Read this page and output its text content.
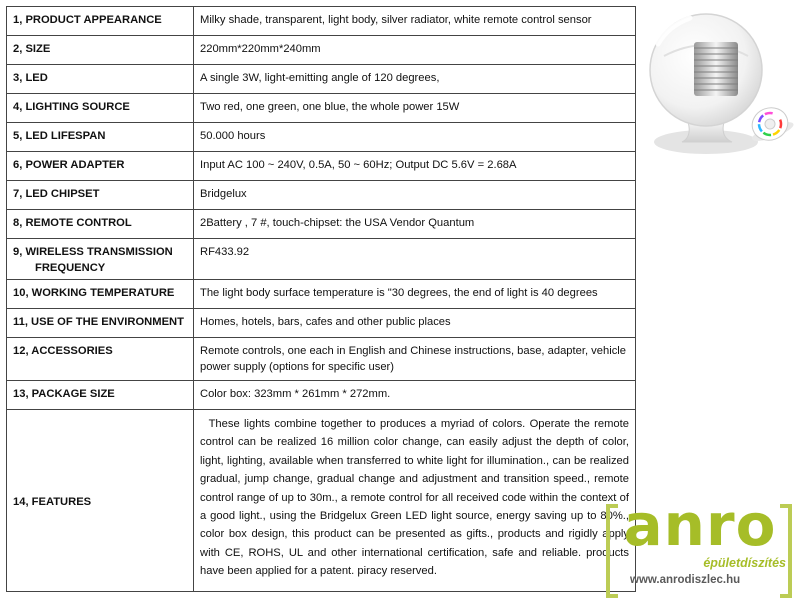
1, PRODUCT APPEARANCE	Milky shade, transparent, light body, silver radiator, white remote control sensor
2, SIZE	220mm*220mm*240mm
3, LED	A single 3W, light-emitting angle of 120 degrees,
4, LIGHTING SOURCE	Two red, one green, one blue, the whole power 15W
5, LED LIFESPAN	50.000 hours
6, POWER ADAPTER	Input AC 100 ~ 240V, 0.5A, 50 ~ 60Hz; Output DC 5.6V = 2.68A
7, LED CHIPSET	Bridgelux
8, REMOTE CONTROL	2Battery , 7 #, touch-chipset: the USA Vendor Quantum
9, WIRELESS TRANSMISSION
FREQUENCY	RF433.92
10, WORKING TEMPERATURE	The light body surface temperature is "30 degrees, the end of light is 40 degrees
11, USE OF THE ENVIRONMENT	Homes, hotels, bars, cafes and other public places
12, ACCESSORIES	Remote controls, one each in English and Chinese instructions, base, adapter, vehicle power supply (options for specific user)
13, PACKAGE SIZE	Color box: 323mm * 261mm * 272mm.
14, FEATURES	These lights combine together to produces a myriad of colors. Operate the remote control can be realized 16 million color change, can easily adjust the depth of color, light, lighting, available when transferred to white light for illumination., can be realized gradual, jump change, gradual change and adjustment and transition speed., remote control range of up to 30m., a remote control for all received code within the context of a good light., using the Bridgelux Green LED light source, energy saving up to 80%., color box design, this product can be presented as gifts., products and rigidly apply with CE, ROHS, UL and other international certification, safe and reliable. products have been applied for a patent. piracy reserved.
anro
épületdíszítés
www.anrodiszlec.hu
